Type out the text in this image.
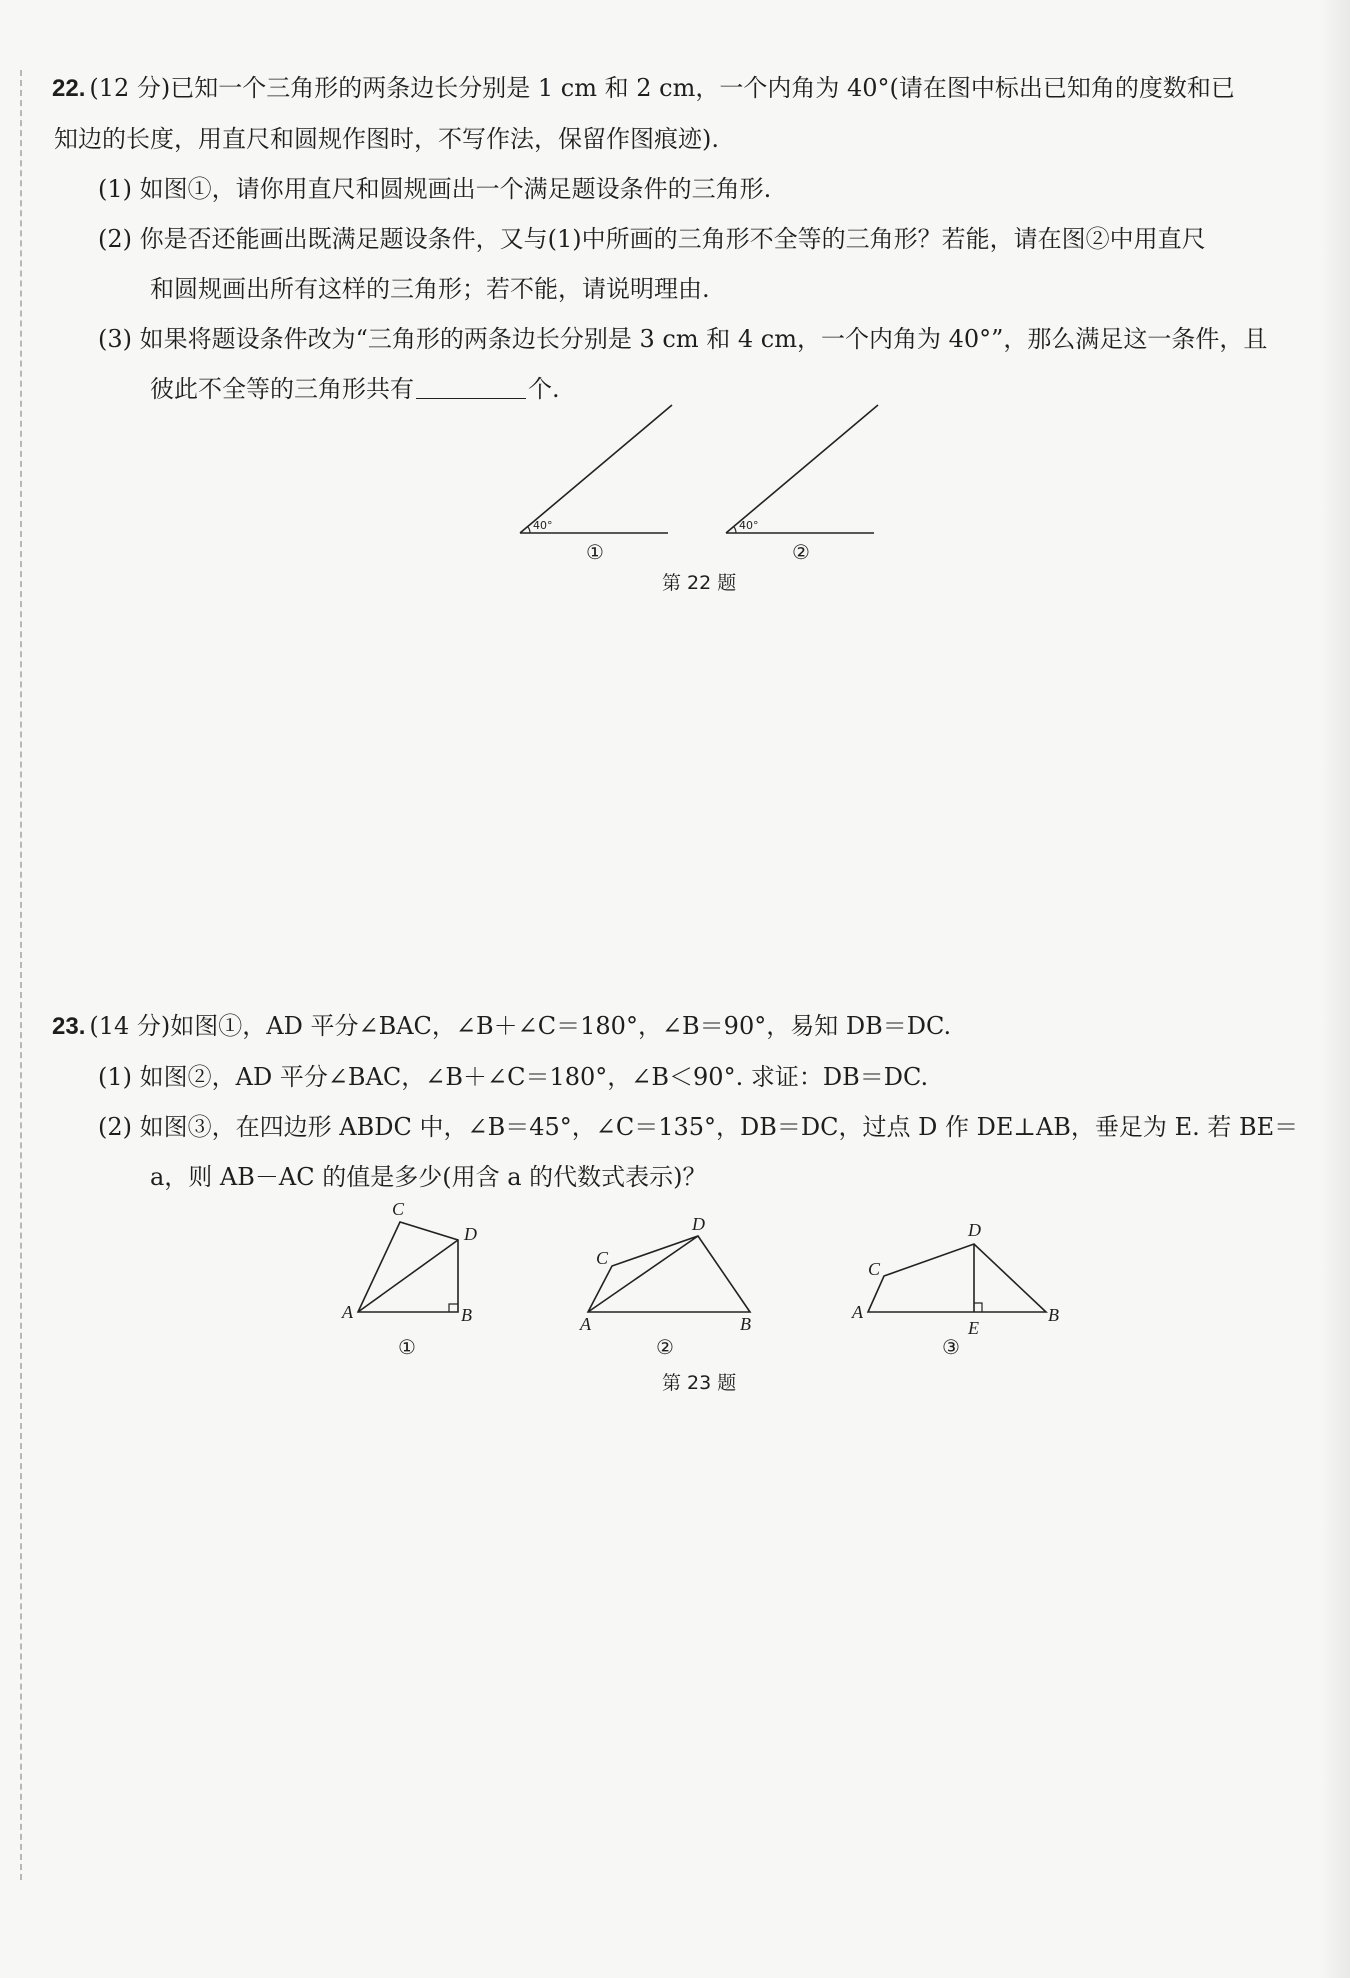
22. (12 分)已知一个三角形的两条边长分别是 1 cm 和 2 cm，一个内角为 40°(请在图中标出已知角的度数和已
知边的长度，用直尺和圆规作图时，不写作法，保留作图痕迹).
(1) 如图①，请你用直尺和圆规画出一个满足题设条件的三角形.
(2) 你是否还能画出既满足题设条件，又与(1)中所画的三角形不全等的三角形？若能，请在图②中用直尺
和圆规画出所有这样的三角形；若不能，请说明理由.
(3) 如果将题设条件改为“三角形的两条边长分别是 3 cm 和 4 cm，一个内角为 40°”，那么满足这一条件，且
彼此不全等的三角形共有	个.
40°
①
40°
②
第 22 题
23. (14 分)如图①，AD 平分∠BAC，∠B＋∠C＝180°，∠B＝90°，易知 DB＝DC.
(1) 如图②，AD 平分∠BAC，∠B＋∠C＝180°，∠B＜90°. 求证：DB＝DC.
(2) 如图③，在四边形 ABDC 中，∠B＝45°，∠C＝135°，DB＝DC，过点 D 作 DE⊥AB，垂足为 E. 若 BE＝
a，则 AB－AC 的值是多少(用含 a 的代数式表示)？
A	B
C
D
①
A	B
C
D
②
A	B
C
D
E
③
第 23 题
